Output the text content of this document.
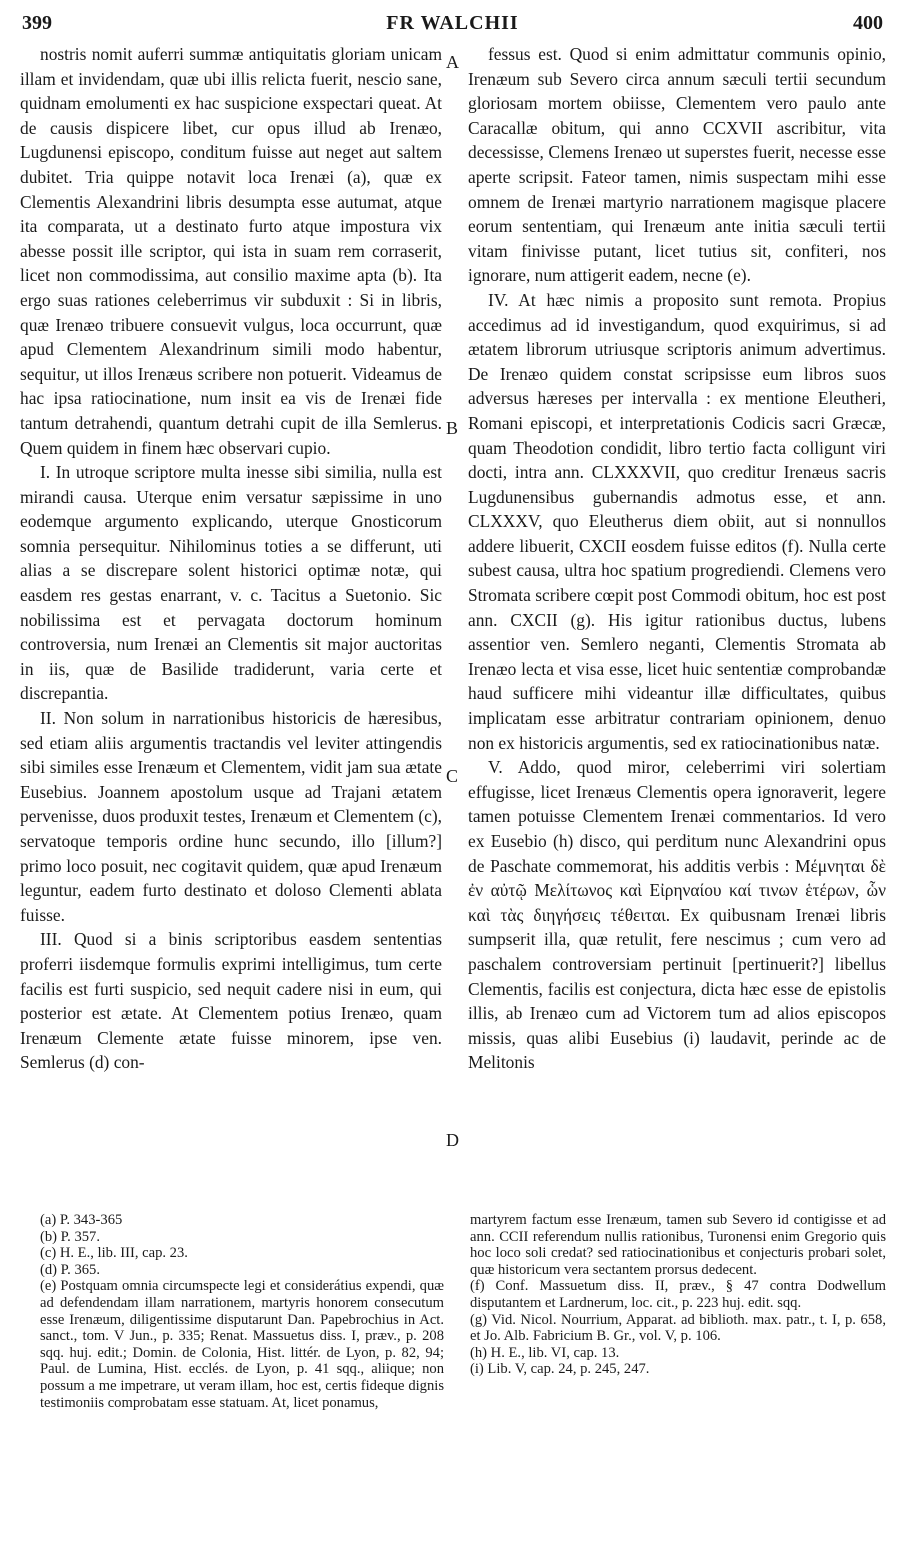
399	FR WALCHII	400

nostris nomit auferri summæ antiquitatis gloriam unicam illam et invidendam, quæ ubi illis relicta fuerit, nescio sane, quidnam emolumenti ex hac suspicione exspectari queat. At de causis dispicere libet, cur opus illud ab Irenæo, Lugdunensi episcopo, conditum fuisse aut neget aut saltem dubitet. Tria quippe notavit loca Irenæi (a), quæ ex Clementis Alexandrini libris desumpta esse autumat, atque ita comparata, ut a destinato furto atque impostura vix abesse possit ille scriptor, qui ista in suam rem corraserit, licet non commodissima, aut consilio maxime apta (b). Ita ergo suas rationes celeberrimus vir subduxit : Si in libris, quæ Irenæo tribuere consuevit vulgus, loca occurrunt, quæ apud Clementem Alexandrinum simili modo habentur, sequitur, ut illos Irenæus scribere non potuerit. Videamus de hac ipsa ratiocinatione, num insit ea vis de Irenæi fide tantum detrahendi, quantum detrahi cupit de illa Semlerus. Quem quidem in finem hæc observari cupio.

I. In utroque scriptore multa inesse sibi similia, nulla est mirandi causa. Uterque enim versatur sæpissime in uno eodemque argumento explicando, uterque Gnosticorum somnia persequitur. Nihilominus toties a se differunt, uti alias a se discrepare solent historici optimæ notæ, qui easdem res gestas enarrant, v. c. Tacitus a Suetonio. Sic nobilissima est et pervagata doctorum hominum controversia, num Irenæi an Clementis sit major auctoritas in iis, quæ de Basilide tradiderunt, varia certe et discrepantia.

II. Non solum in narrationibus historicis de hæresibus, sed etiam aliis argumentis tractandis vel leviter attingendis sibi similes esse Irenæum et Clementem, vidit jam sua ætate Eusebius. Joannem apostolum usque ad Trajani ætatem pervenisse, duos produxit testes, Irenæum et Clementem (c), servatoque temporis ordine hunc secundo, illo [illum?] primo loco posuit, nec cogitavit quidem, quæ apud Irenæum leguntur, eadem furto destinato et doloso Clementi ablata fuisse.

III. Quod si a binis scriptoribus easdem sententias proferri iisdemque formulis exprimi intelligimus, tum certe facilis est furti suspicio, sed nequit cadere nisi in eum, qui posterior est ætate. At Clementem potius Irenæo, quam Irenæum Clemente ætate fuisse minorem, ipse ven. Semlerus (d) con-

A
B
C
D

fessus est. Quod si enim admittatur communis opinio, Irenæum sub Severo circa annum sæculi tertii secundum gloriosam mortem obiisse, Clementem vero paulo ante Caracallæ obitum, qui anno CCXVII ascribitur, vita decessisse, Clemens Irenæo ut superstes fuerit, necesse esse aperte scripsit. Fateor tamen, nimis suspectam mihi esse omnem de Irenæi martyrio narrationem magisque placere eorum sententiam, qui Irenæum ante initia sæculi tertii vitam finivisse putant, licet tutius sit, confiteri, nos ignorare, num attigerit eadem, necne (e).

IV. At hæc nimis a proposito sunt remota. Propius accedimus ad id investigandum, quod exquirimus, si ad ætatem librorum utriusque scriptoris animum advertimus. De Irenæo quidem constat scripsisse eum libros suos adversus hæreses per intervalla : ex mentione Eleutheri, Romani episcopi, et interpretationis Codicis sacri Græcæ, quam Theodotion condidit, libro tertio facta colligunt viri docti, intra ann. CLXXXVII, quo creditur Irenæus sacris Lugdunensibus gubernandis admotus esse, et ann. CLXXXV, quo Eleutherus diem obiit, aut si nonnullos addere libuerit, CXCII eosdem fuisse editos (f). Nulla certe subest causa, ultra hoc spatium progrediendi. Clemens vero Stromata scribere cœpit post Commodi obitum, hoc est post ann. CXCII (g). His igitur rationibus ductus, lubens assentior ven. Semlero neganti, Clementis Stromata ab Irenæo lecta et visa esse, licet huic sententiæ comprobandæ haud sufficere mihi videantur illæ difficultates, quibus implicatam esse arbitratur contrariam opinionem, denuo non ex historicis argumentis, sed ex ratiocinationibus natæ.

V. Addo, quod miror, celeberrimi viri solertiam effugisse, licet Irenæus Clementis opera ignoraverit, legere tamen potuisse Clementem Irenæi commentarios. Id vero ex Eusebio (h) disco, qui perditum nunc Alexandrini opus de Paschate commemorat, his additis verbis : Μέμνηται δὲ ἐν αὐτῷ Μελίτωνος καὶ Εἰρηναίου καί τινων ἑτέρων, ὧν καὶ τὰς διηγήσεις τέθειται. Ex quibusnam Irenæi libris sumpserit illa, quæ retulit, fere nescimus ; cum vero ad paschalem controversiam pertinuit [pertinuerit?] libellus Clementis, facilis est conjectura, dicta hæc esse de epistolis illis, ab Irenæo cum ad Victorem tum ad alios episcopos missis, quas alibi Eusebius (i) laudavit, perinde ac de Melitonis

(a) P. 343-365
(b) P. 357.
(c) H. E., lib. III, cap. 23.
(d) P. 365.
(e) Postquam omnia circumspecte legi et considerátius expendi, quæ ad defendendam illam narrationem, martyris honorem consecutum esse Irenæum, diligentissime disputarunt Dan. Papebrochius in Act. sanct., tom. V Jun., p. 335; Renat. Massuetus diss. I, præv., p. 208 sqq. huj. edit.; Domin. de Colonia, Hist. littér. de Lyon, p. 82, 94; Paul. de Lumina, Hist. ecclés. de Lyon, p. 41 sqq., aliique; non possum a me impetrare, ut veram illam, hoc est, certis fideque dignis testimoniis comprobatam esse statuam. At, licet ponamus,
martyrem factum esse Irenæum, tamen sub Severo id contigisse et ad ann. CCII referendum nullis rationibus, Turonensi enim Gregorio quis hoc loco soli credat? sed ratiocinationibus et conjecturis probari solet, quæ historicum vera sectantem prorsus dedecent.
(f) Conf. Massuetum diss. II, præv., § 47 contra Dodwellum disputantem et Lardnerum, loc. cit., p. 223 huj. edit. sqq.
(g) Vid. Nicol. Nourrium, Apparat. ad biblioth. max. patr., t. I, p. 658, et Jo. Alb. Fabricium B. Gr., vol. V, p. 106.
(h) H. E., lib. VI, cap. 13.
(i) Lib. V, cap. 24, p. 245, 247.
